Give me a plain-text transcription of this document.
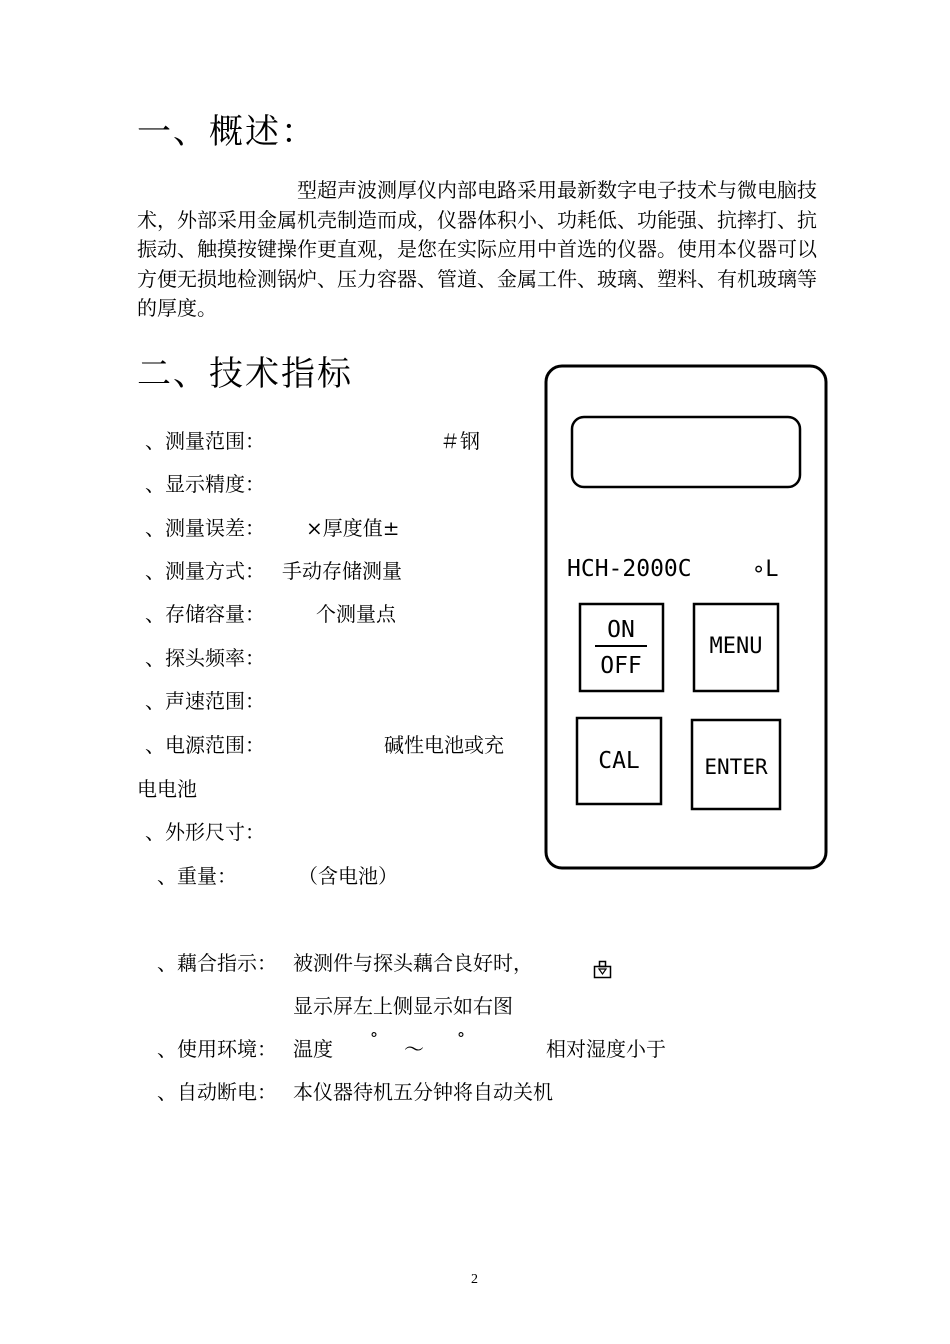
一、概述：
型超声波测厚仪内部电路采用最新数字电子技术与微电脑技术，外部采用金属机壳制造而成，仪器体积小、功耗低、功能强、抗摔打、抗振动、触摸按键操作更直观，是您在实际应用中首选的仪器。使用本仪器可以方便无损地检测锅炉、压力容器、管道、金属工件、玻璃、塑料、有机玻璃等的厚度。
二、技术指标
、测量范围：	＃钢
、显示精度：
、测量误差： ×厚度值±
、测量方式： 手动存储测量
、存储容量：	个测量点
、探头频率：
、声速范围：
、电源范围：	碱性电池或充
电电池
、外形尺寸：
、重量：	（含电池）
、藕合指示： 被测件与探头藕合良好时，
显示屏左上侧显示如右图
、使用环境： 温度 ° ～ °	相对湿度小于
、自动断电： 本仪器待机五分钟将自动关机
HCH-2000C	∘L
ON
OFF
MENU
CAL	ENTER
2
